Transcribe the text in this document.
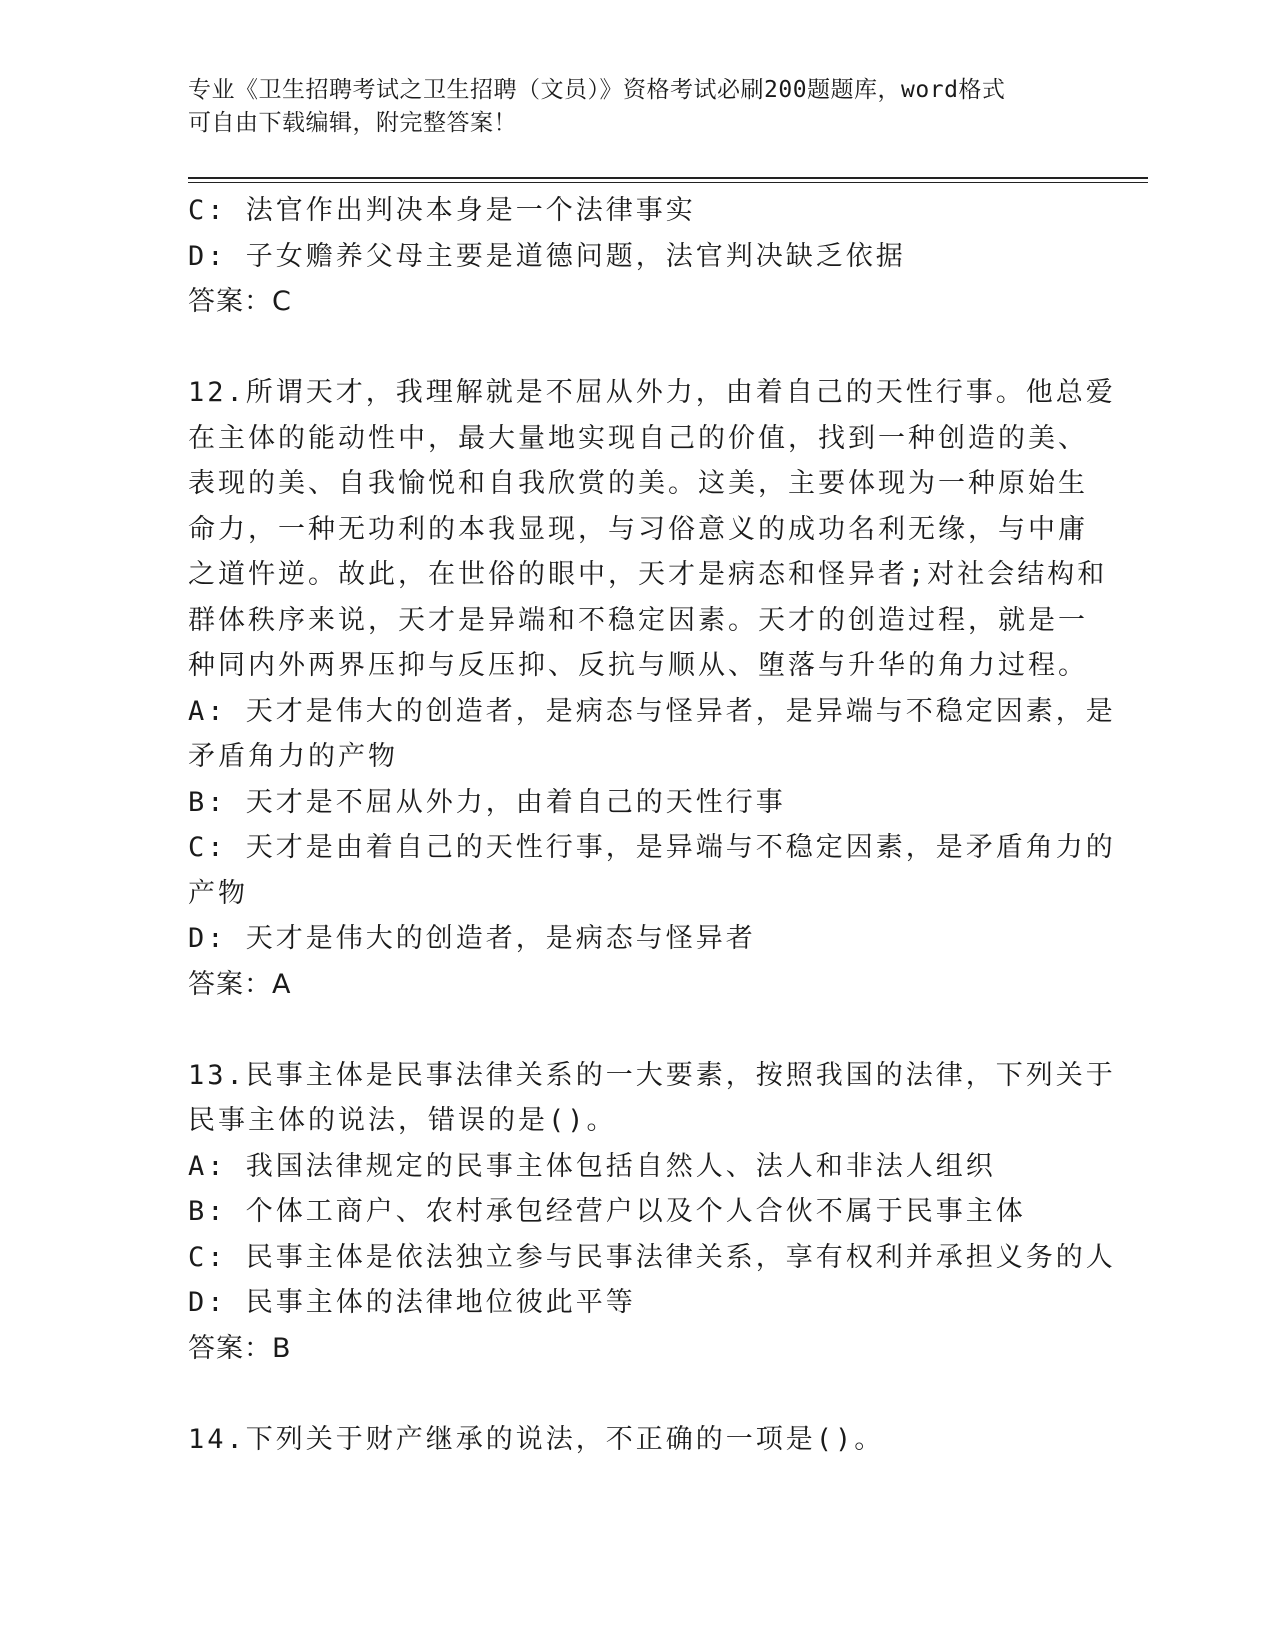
专业《卫生招聘考试之卫生招聘（文员）》资格考试必刷200题题库，word格式
可自由下载编辑，附完整答案！
C: 法官作出判决本身是一个法律事实
D: 子女赡养父母主要是道德问题，法官判决缺乏依据
答案：C
12.所谓天才，我理解就是不屈从外力，由着自己的天性行事。他总爱
在主体的能动性中，最大量地实现自己的价值，找到一种创造的美、
表现的美、自我愉悦和自我欣赏的美。这美，主要体现为一种原始生
命力，一种无功利的本我显现，与习俗意义的成功名利无缘，与中庸
之道忤逆。故此，在世俗的眼中，天才是病态和怪异者;对社会结构和
群体秩序来说，天才是异端和不稳定因素。天才的创造过程，就是一
种同内外两界压抑与反压抑、反抗与顺从、堕落与升华的角力过程。
A: 天才是伟大的创造者，是病态与怪异者，是异端与不稳定因素，是
矛盾角力的产物
B: 天才是不屈从外力，由着自己的天性行事
C: 天才是由着自己的天性行事，是异端与不稳定因素，是矛盾角力的
产物
D: 天才是伟大的创造者，是病态与怪异者
答案：A
13.民事主体是民事法律关系的一大要素，按照我国的法律，下列关于
民事主体的说法，错误的是()。
A: 我国法律规定的民事主体包括自然人、法人和非法人组织
B: 个体工商户、农村承包经营户以及个人合伙不属于民事主体
C: 民事主体是依法独立参与民事法律关系，享有权利并承担义务的人
D: 民事主体的法律地位彼此平等
答案：B
14.下列关于财产继承的说法，不正确的一项是()。
